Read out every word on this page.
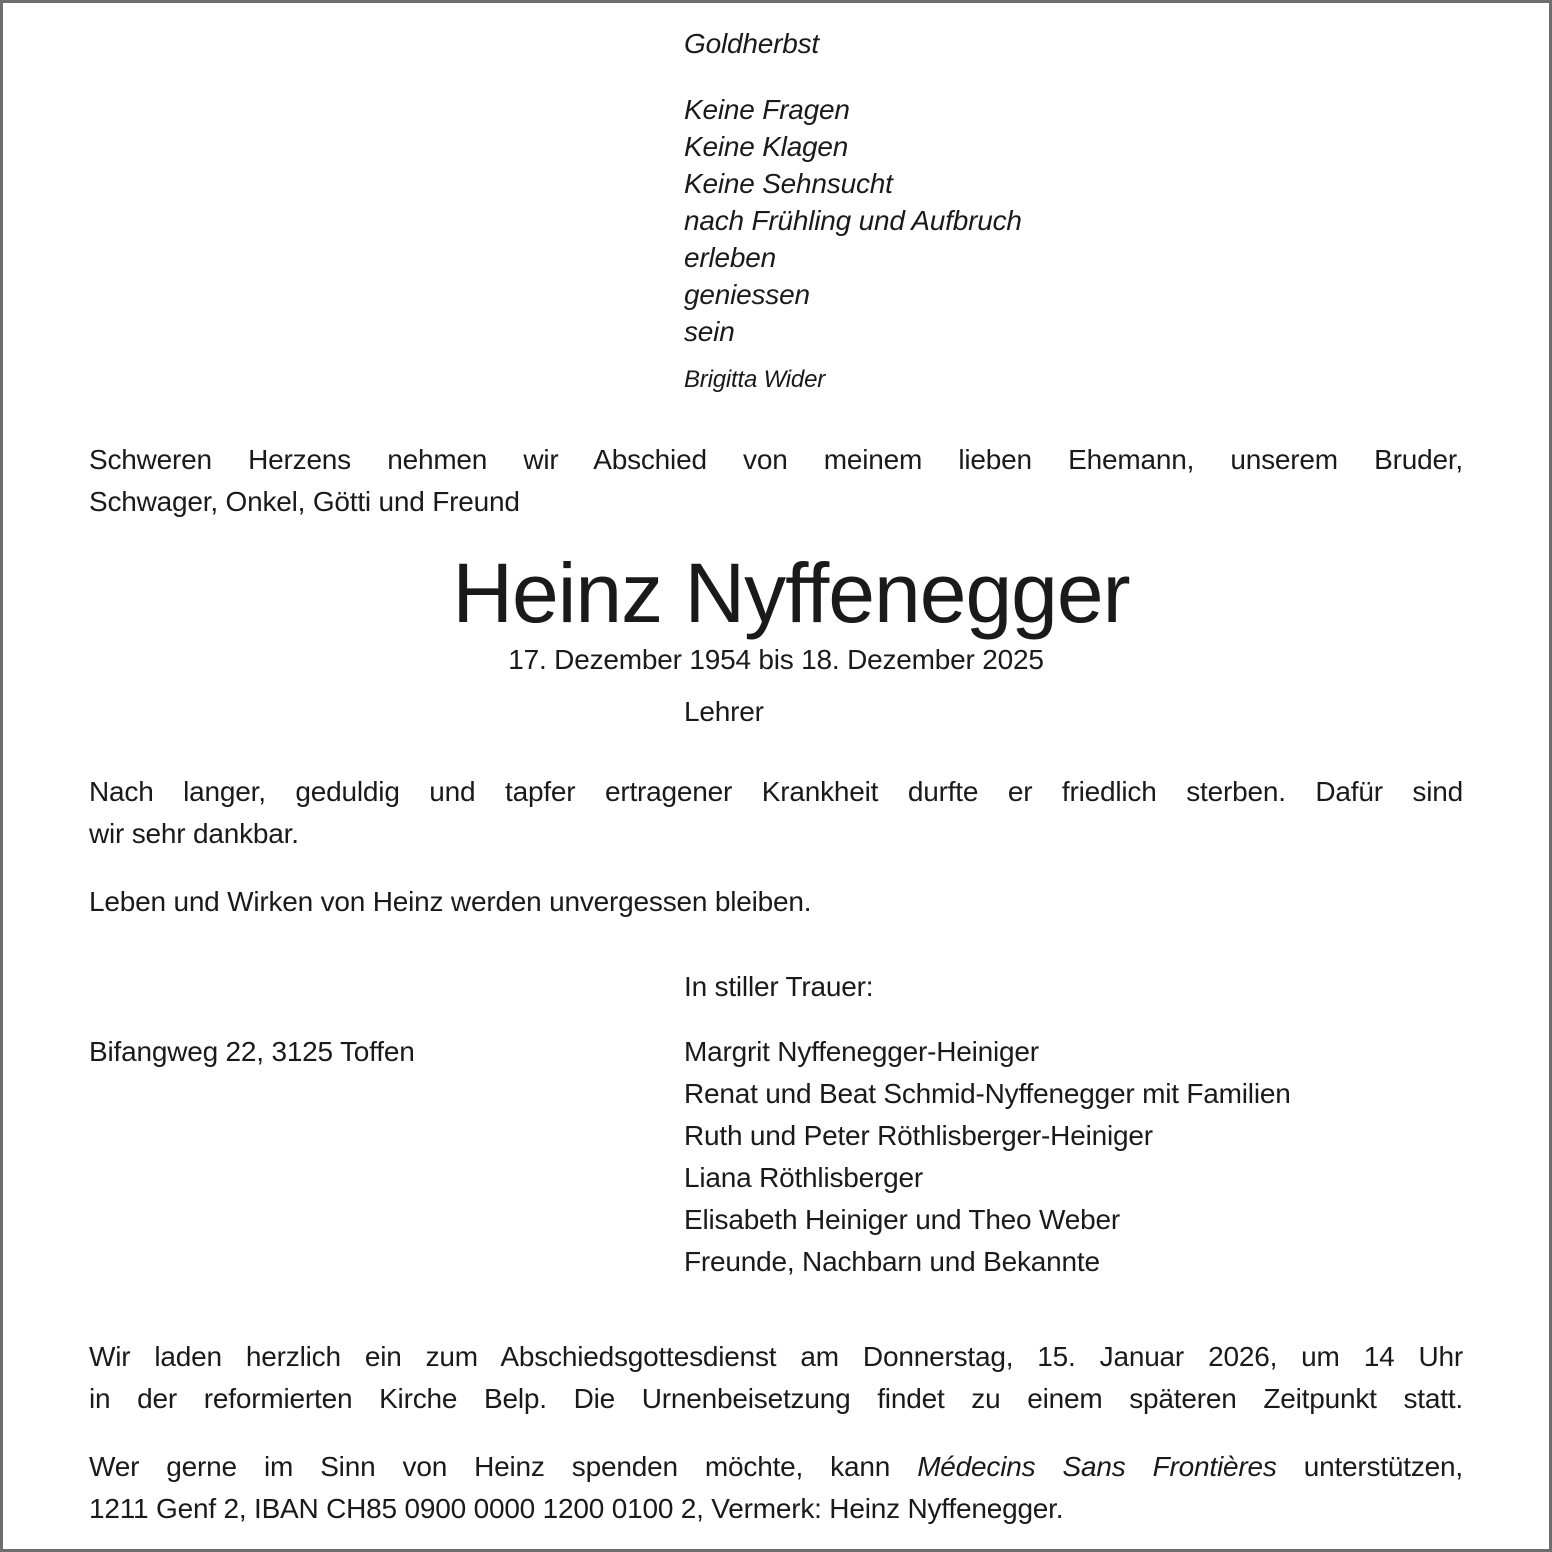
Goldherbst
Keine Fragen
Keine Klagen
Keine Sehnsucht
nach Frühling und Aufbruch
erleben
geniessen
sein
Brigitta Wider
Schweren Herzens nehmen wir Abschied von meinem lieben Ehemann, unserem Bruder,
Schwager, Onkel, Götti und Freund
Heinz Nyffenegger
17. Dezember 1954 bis 18. Dezember 2025
Lehrer
Nach langer, geduldig und tapfer ertragener Krankheit durfte er friedlich sterben. Dafür sind
wir sehr dankbar.
Leben und Wirken von Heinz werden unvergessen bleiben.
In stiller Trauer:
Bifangweg 22, 3125 Toffen	Margrit Nyffenegger-Heiniger
Renat und Beat Schmid-Nyffenegger mit Familien
Ruth und Peter Röthlisberger-Heiniger
Liana Röthlisberger
Elisabeth Heiniger und Theo Weber
Freunde, Nachbarn und Bekannte
Wir laden herzlich ein zum Abschiedsgottesdienst am Donnerstag, 15. Januar 2026, um 14 Uhr
in der reformierten Kirche Belp. Die Urnenbeisetzung findet zu einem späteren Zeitpunkt statt.
Wer gerne im Sinn von Heinz spenden möchte, kann Médecins Sans Frontières unterstützen,
1211 Genf 2, IBAN CH85 0900 0000 1200 0100 2, Vermerk: Heinz Nyffenegger.
